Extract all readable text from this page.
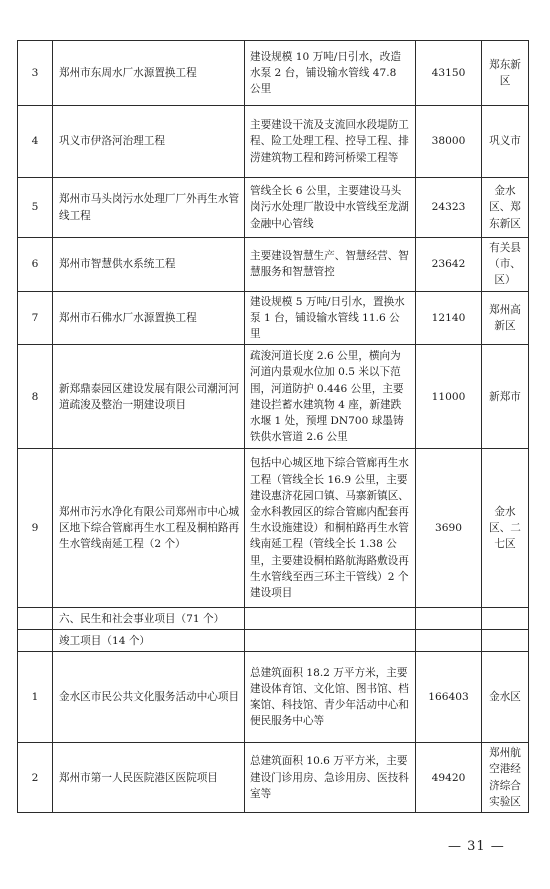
3	郑州市东周水厂水源置换工程	建设规模 10 万吨/日引水，改造水泵 2 台，铺设输水管线 47.8 公里	43150	郑东新区
4	巩义市伊洛河治理工程	主要建设干流及支流回水段堤防工程、险工处理工程、控导工程、排涝建筑物工程和跨河桥梁工程等	38000	巩义市
5	郑州市马头岗污水处理厂厂外再生水管线工程	管线全长 6 公里，主要建设马头岗污水处理厂散设中水管线至龙湖金融中心管线	24323	金水区、郑东新区
6	郑州市智慧供水系统工程	主要建设智慧生产、智慧经营、智慧服务和智慧管控	23642	有关县（市、区）
7	郑州市石佛水厂水源置换工程	建设规模 5 万吨/日引水，置换水泵 1 台，铺设输水管线 11.6 公里	12140	郑州高新区
8	新郑鼎泰园区建设发展有限公司潮河河道疏浚及整治一期建设项目	疏浚河道长度 2.6 公里，横向为河道内景观水位加 0.5 米以下范围，河道防护 0.446 公里，主要建设拦蓄水建筑物 4 座，新建跌水堰 1 处，预埋 DN700 球墨铸铁供水管道 2.6 公里	11000	新郑市
9	郑州市污水净化有限公司郑州市中心城区地下综合管廊再生水工程及桐柏路再生水管线南延工程（2 个）	包括中心城区地下综合管廊再生水工程（管线全长 16.9 公里，主要建设惠济花园口镇、马寨新镇区、金水科教园区的综合管廊内配套再生水设施建设）和桐柏路再生水管线南延工程（管线全长 1.38 公里，主要建设桐柏路航海路敷设再生水管线至西三环主干管线）2 个建设项目	3690	金水区、二七区
	六、民生和社会事业项目（71 个）			
	竣工项目（14 个）			
1	金水区市民公共文化服务活动中心项目	总建筑面积 18.2 万平方米，主要建设体育馆、文化馆、图书馆、档案馆、科技馆、青少年活动中心和便民服务中心等	166403	金水区
2	郑州市第一人民医院港区医院项目	总建筑面积 10.6 万平方米，主要建设门诊用房、急诊用房、医技科室等	49420	郑州航空港经济综合实验区
— 31 —
